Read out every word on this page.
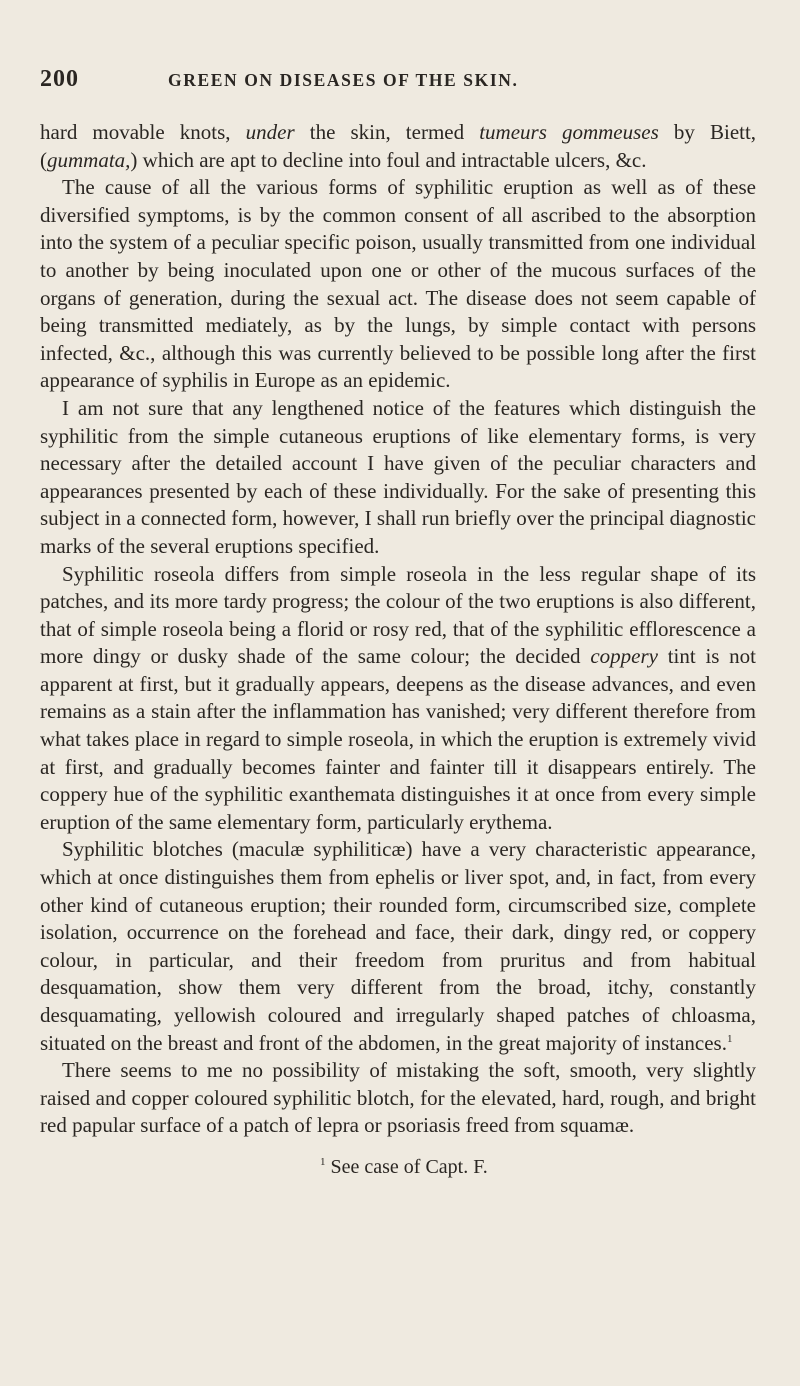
200	GREEN ON DISEASES OF THE SKIN.

hard movable knots, under the skin, termed tumeurs gommeuses by Biett, (gummata,) which are apt to decline into foul and intractable ulcers, &c.

The cause of all the various forms of syphilitic eruption as well as of these diversified symptoms, is by the common consent of all ascribed to the absorption into the system of a peculiar specific poison, usually transmitted from one individual to another by being inoculated upon one or other of the mucous surfaces of the organs of generation, during the sexual act. The disease does not seem capable of being transmitted mediately, as by the lungs, by simple contact with persons infected, &c., although this was currently believed to be possible long after the first appearance of syphilis in Europe as an epidemic.

I am not sure that any lengthened notice of the features which distinguish the syphilitic from the simple cutaneous eruptions of like elementary forms, is very necessary after the detailed account I have given of the peculiar characters and appearances presented by each of these individually. For the sake of presenting this subject in a connected form, however, I shall run briefly over the principal diagnostic marks of the several eruptions specified.

Syphilitic roseola differs from simple roseola in the less regular shape of its patches, and its more tardy progress; the colour of the two eruptions is also different, that of simple roseola being a florid or rosy red, that of the syphilitic efflorescence a more dingy or dusky shade of the same colour; the decided coppery tint is not apparent at first, but it gradually appears, deepens as the disease advances, and even remains as a stain after the inflammation has vanished; very different therefore from what takes place in regard to simple roseola, in which the eruption is extremely vivid at first, and gradually becomes fainter and fainter till it disappears entirely. The coppery hue of the syphilitic exanthemata distinguishes it at once from every simple eruption of the same elementary form, particularly erythema.

Syphilitic blotches (maculæ syphiliticæ) have a very characteristic appearance, which at once distinguishes them from ephelis or liver spot, and, in fact, from every other kind of cutaneous eruption; their rounded form, circumscribed size, complete isolation, occurrence on the forehead and face, their dark, dingy red, or coppery colour, in particular, and their freedom from pruritus and from habitual desquamation, show them very different from the broad, itchy, constantly desquamating, yellowish coloured and irregularly shaped patches of chloasma, situated on the breast and front of the abdomen, in the great majority of instances.$^1$

There seems to me no possibility of mistaking the soft, smooth, very slightly raised and copper coloured syphilitic blotch, for the elevated, hard, rough, and bright red papular surface of a patch of lepra or psoriasis freed from squamæ.

$^1$ See case of Capt. F.
